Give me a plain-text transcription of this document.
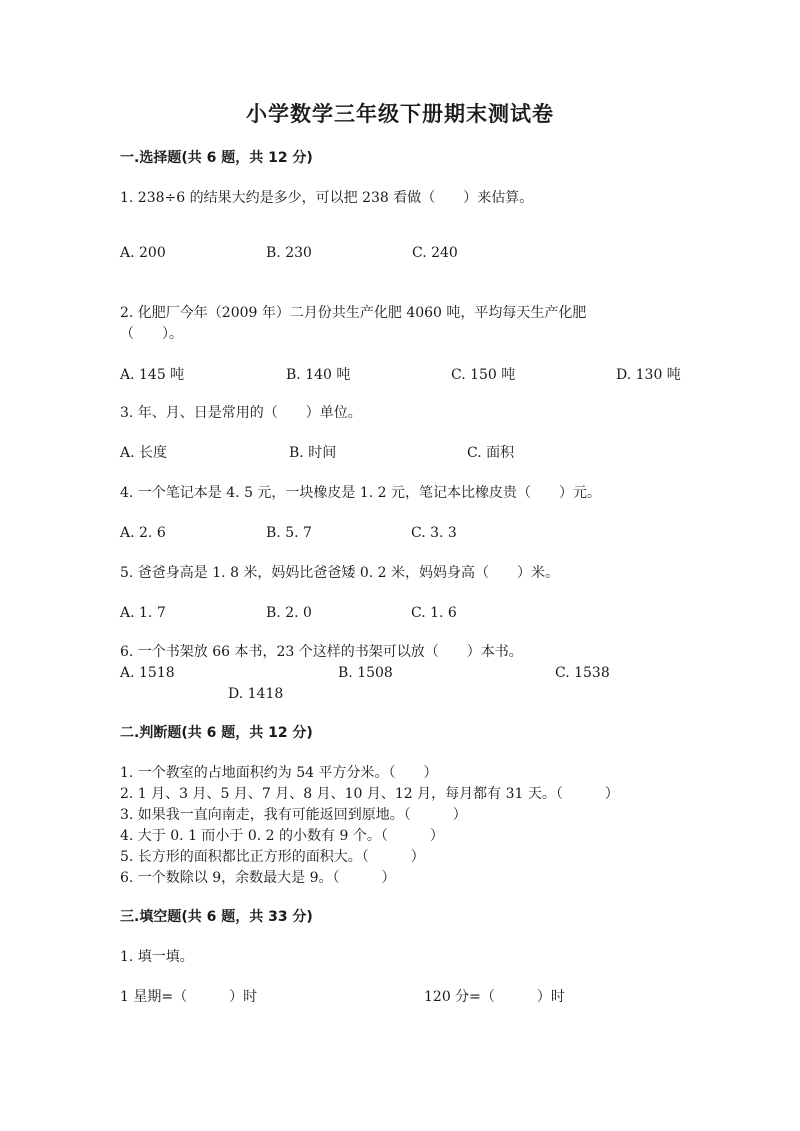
小学数学三年级下册期末测试卷
一.选择题(共 6 题，共 12 分)
1. 238÷6 的结果大约是多少，可以把 238 看做（　　）来估算。
A. 200	B. 230	C. 240
2. 化肥厂今年（2009 年）二月份共生产化肥 4060 吨，平均每天生产化肥
（　　）。
A. 145 吨	B. 140 吨	C. 150 吨	D. 130 吨
3. 年、月、日是常用的（　　）单位。
A. 长度	B. 时间	C. 面积
4. 一个笔记本是 4. 5 元，一块橡皮是 1. 2 元，笔记本比橡皮贵（　　）元。
A. 2. 6	B. 5. 7	C. 3. 3
5. 爸爸身高是 1. 8 米，妈妈比爸爸矮 0. 2 米，妈妈身高（　　）米。
A. 1. 7	B. 2. 0	C. 1. 6
6. 一个书架放 66 本书，23 个这样的书架可以放（　　）本书。
A. 1518	B. 1508	C. 1538
D. 1418
二.判断题(共 6 题，共 12 分)
1. 一个教室的占地面积约为 54 平方分米。（　　）
2. 1 月、3 月、5 月、7 月、8 月、10 月、12 月，每月都有 31 天。（　　　）
3. 如果我一直向南走，我有可能返回到原地。（　　　）
4. 大于 0. 1 而小于 0. 2 的小数有 9 个。（　　　）
5. 长方形的面积都比正方形的面积大。（　　　）
6. 一个数除以 9，余数最大是 9。（　　　）
三.填空题(共 6 题，共 33 分)
1. 填一填。
1 星期=（　　　）时	120 分=（　　　）时
